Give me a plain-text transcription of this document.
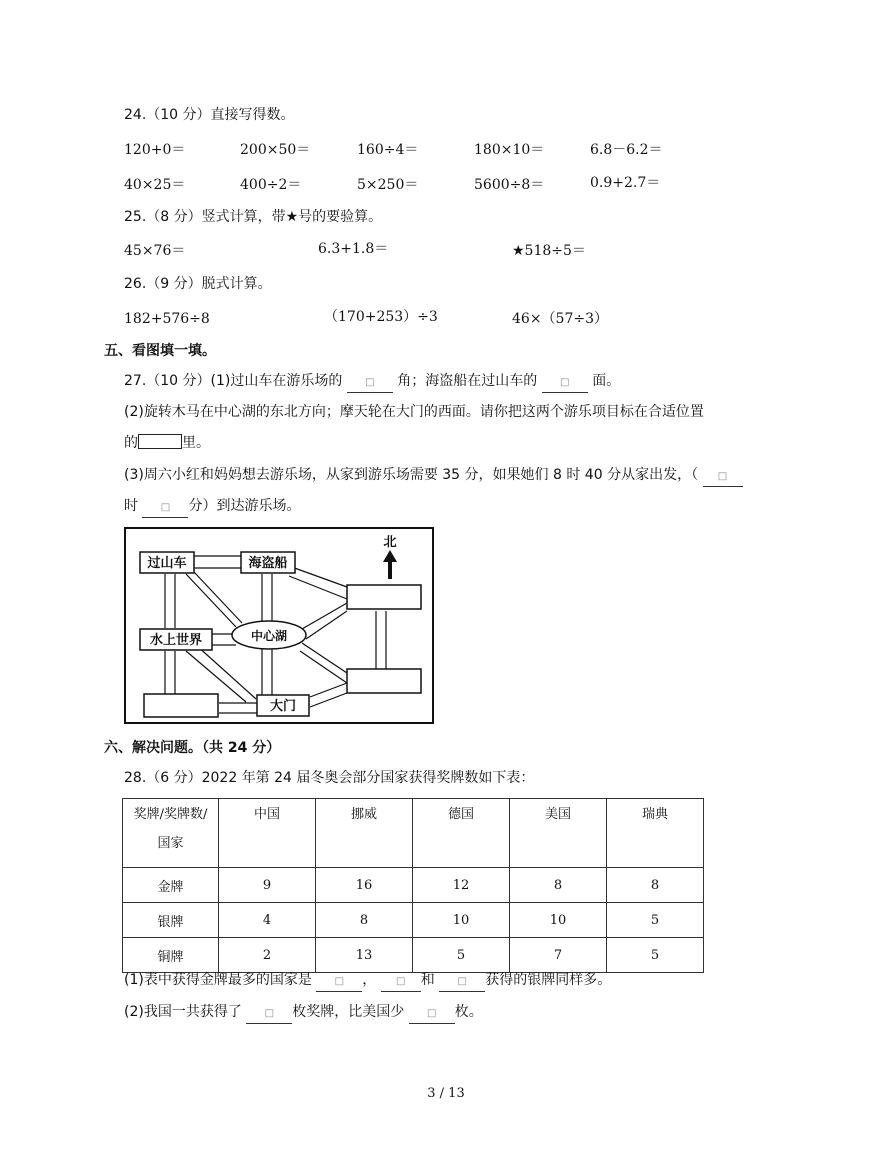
24.（10 分）直接写得数。
120+0＝	200×50＝	160÷4＝	180×10＝	6.8－6.2＝
40×25＝	400÷2＝	5×250＝	5600÷8＝	0.9+2.7＝
25.（8 分）竖式计算，带★号的要验算。
45×76＝	6.3+1.8＝	★518÷5＝
26.（9 分）脱式计算。
182+576÷8	（170+253）÷3	46×（57÷3）
五、看图填一填。
27.（10 分）(1)过山车在游乐场的 □ 角；海盗船在过山车的 □ 面。
(2)旋转木马在中心湖的东北方向；摩天轮在大门的西面。请你把这两个游乐项目标在合适位置
的	里。
(3)周六小红和妈妈想去游乐场，从家到游乐场需要 35 分，如果她们 8 时 40 分从家出发，（ □
时 □ 分）到达游乐场。
过山车	海盗船
水上世界	中心湖
大门
北
六、解决问题。（共 24 分）
28.（6 分）2022 年第 24 届冬奥会部分国家获得奖牌数如下表：
奖牌/奖牌数/
国家	中国	挪威	德国	美国	瑞典
金牌	9	16	12	8	8
银牌	4	8	10	10	5
铜牌	2	13	5	7	5
(1)表中获得金牌最多的国家是 □ ， □ 和 □ 获得的银牌同样多。
(2)我国一共获得了 □ 枚奖牌，比美国少 □ 枚。
3 / 13
